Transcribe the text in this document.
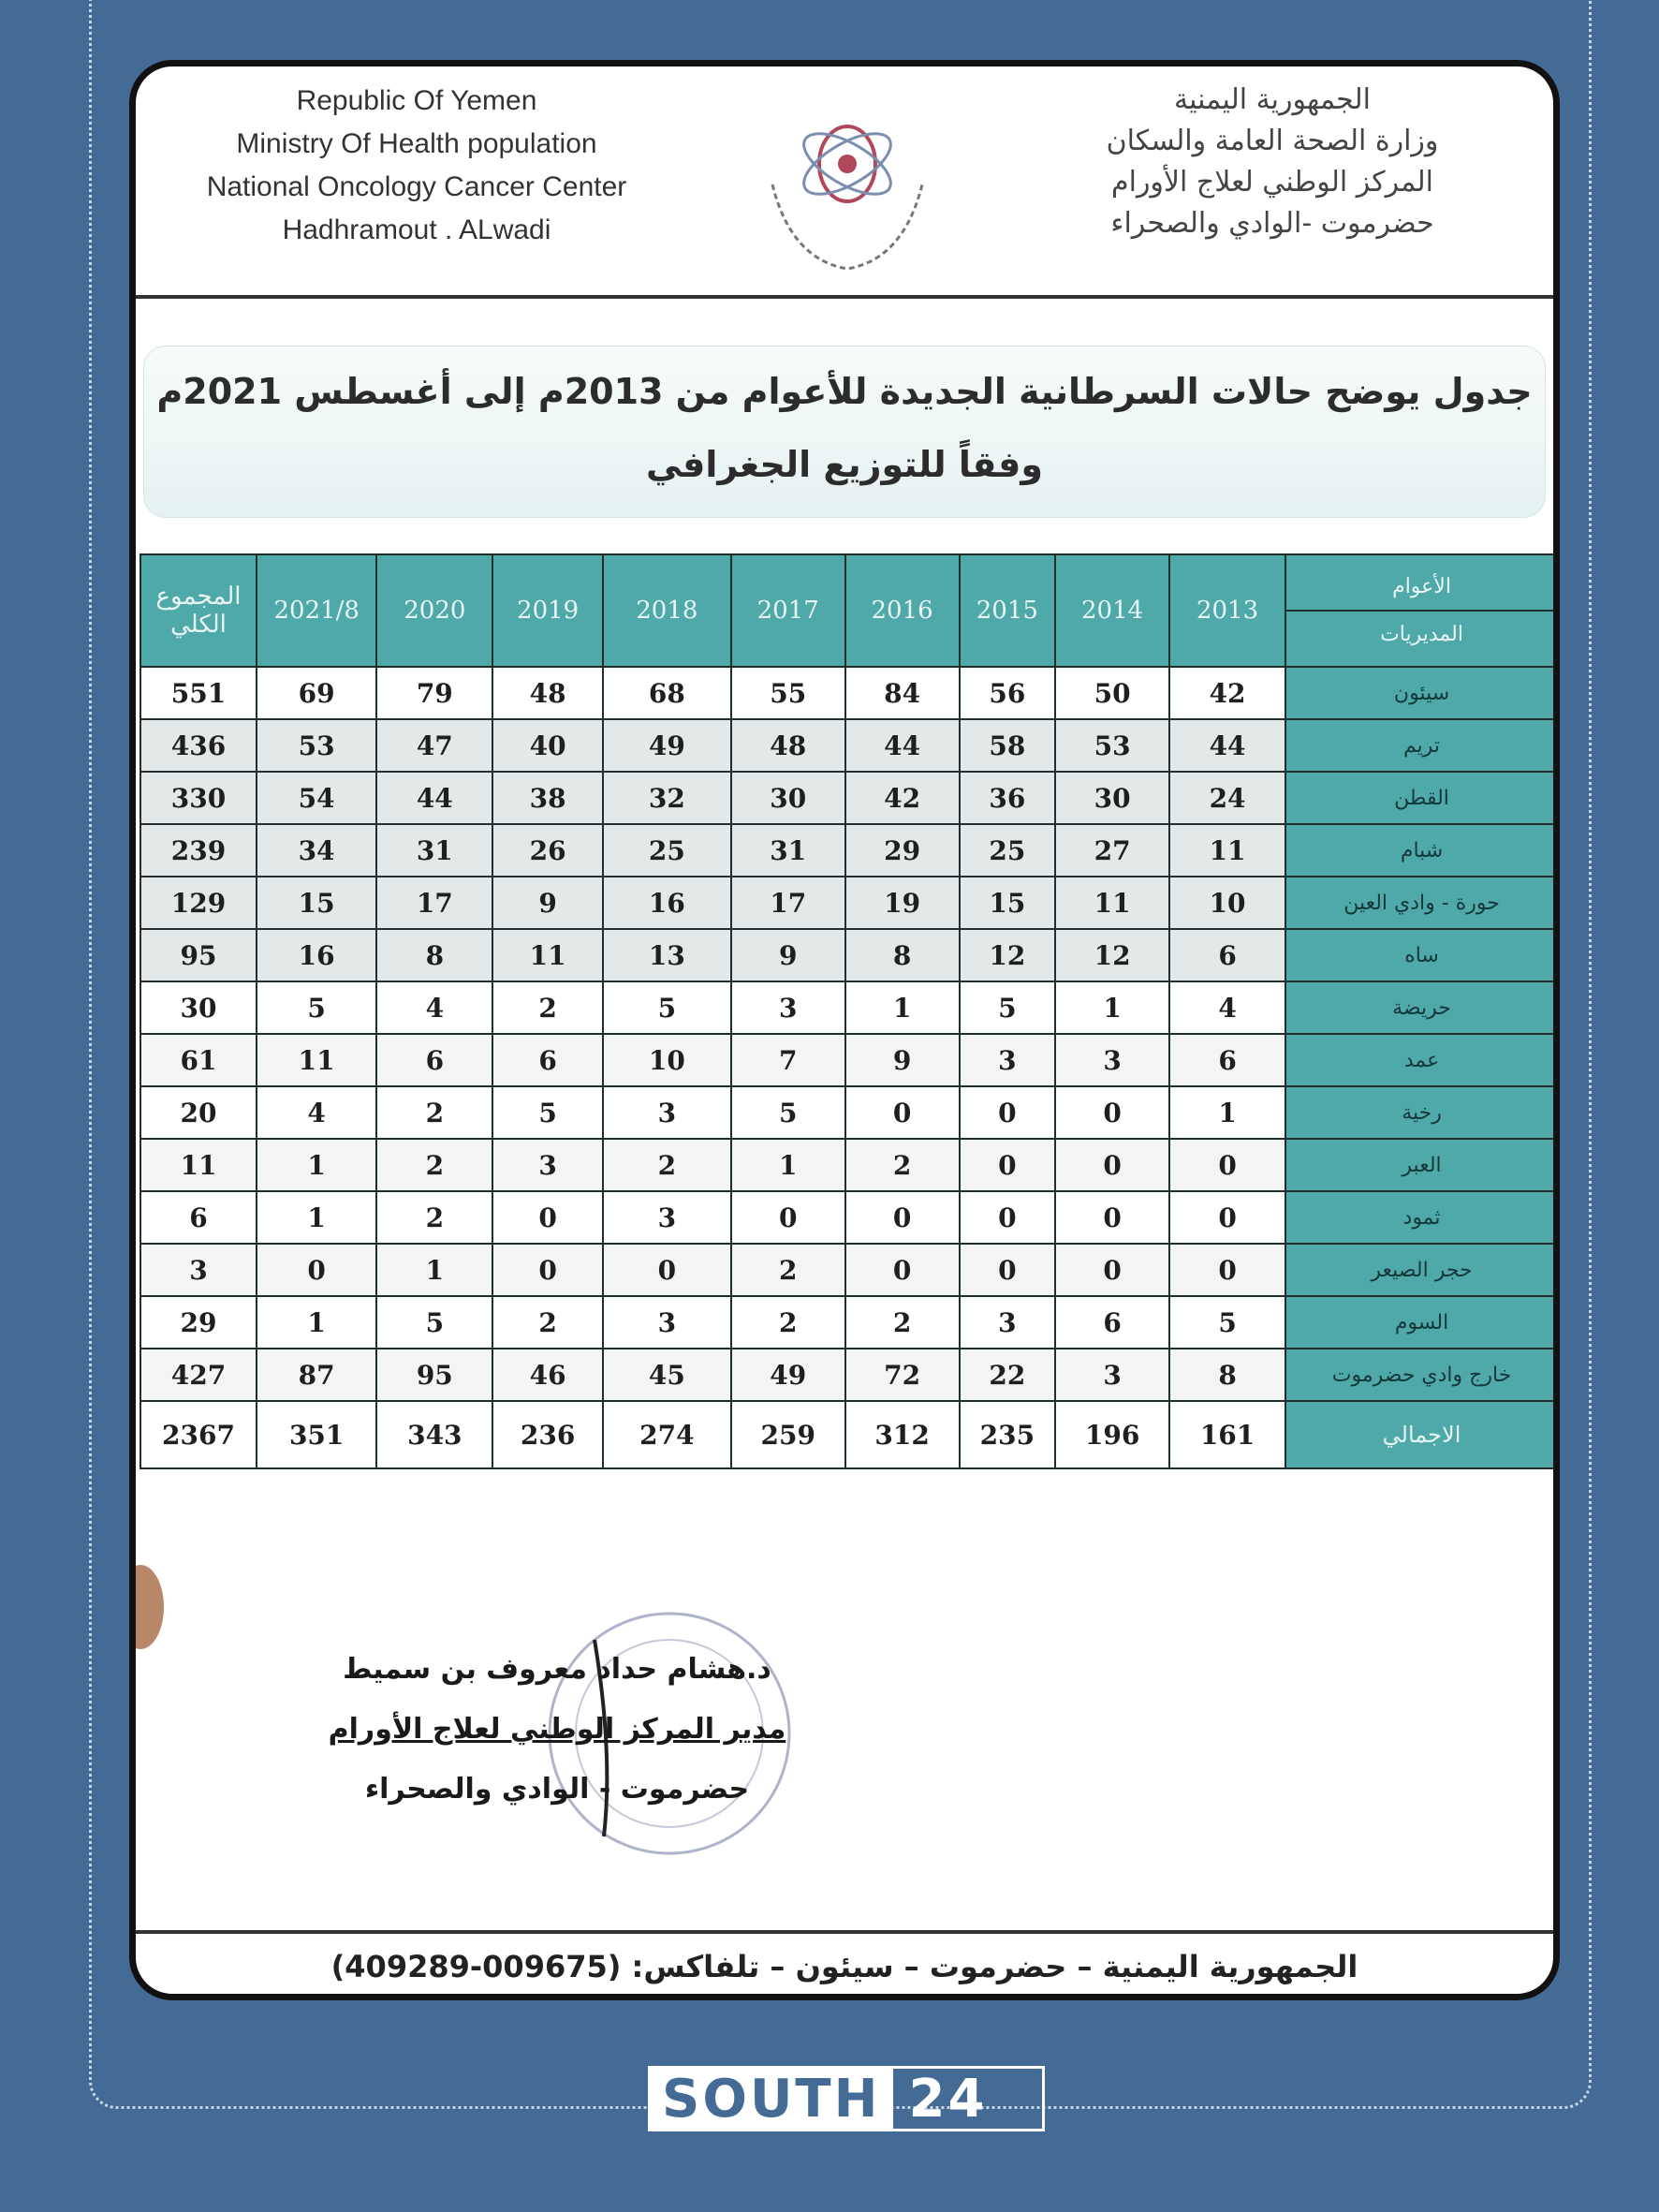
Republic Of Yemen
Ministry Of Health population
National Oncology Cancer Center
Hadhramout . ALwadi
الجمهورية اليمنية
وزارة الصحة العامة والسكان
المركز الوطني لعلاج الأورام
حضرموت -الوادي والصحراء
جدول يوضح حالات السرطانية الجديدة للأعوام من 2013م إلى أغسطس 2021م
وفقاً للتوزيع الجغرافي
المجموع الكلي	2021/8	2020	2019	2018	2017	2016	2015	2014	2013	الأعوام
المديريات

551	69	79	48	68	55	84	56	50	42	سيئون
436	53	47	40	49	48	44	58	53	44	تريم
330	54	44	38	32	30	42	36	30	24	القطن
239	34	31	26	25	31	29	25	27	11	شبام
129	15	17	9	16	17	19	15	11	10	حورة - وادي العين
95	16	8	11	13	9	8	12	12	6	ساه
30	5	4	2	5	3	1	5	1	4	حريضة
61	11	6	6	10	7	9	3	3	6	عمد
20	4	2	5	3	5	0	0	0	1	رخية
11	1	2	3	2	1	2	0	0	0	العبر
6	1	2	0	3	0	0	0	0	0	ثمود
3	0	1	0	0	2	0	0	0	0	حجر الصيعر
29	1	5	2	3	2	2	3	6	5	السوم
427	87	95	46	45	49	72	22	3	8	خارج وادي حضرموت
2367	351	343	236	274	259	312	235	196	161	الاجمالي
د.هشام حداد معروف بن سميط
مدير المركز الوطني لعلاج الأورام
حضرموت - الوادي والصحراء
الجمهورية اليمنية – حضرموت – سيئون – تلفاكس: (009675-409289)
SOUTH 24
